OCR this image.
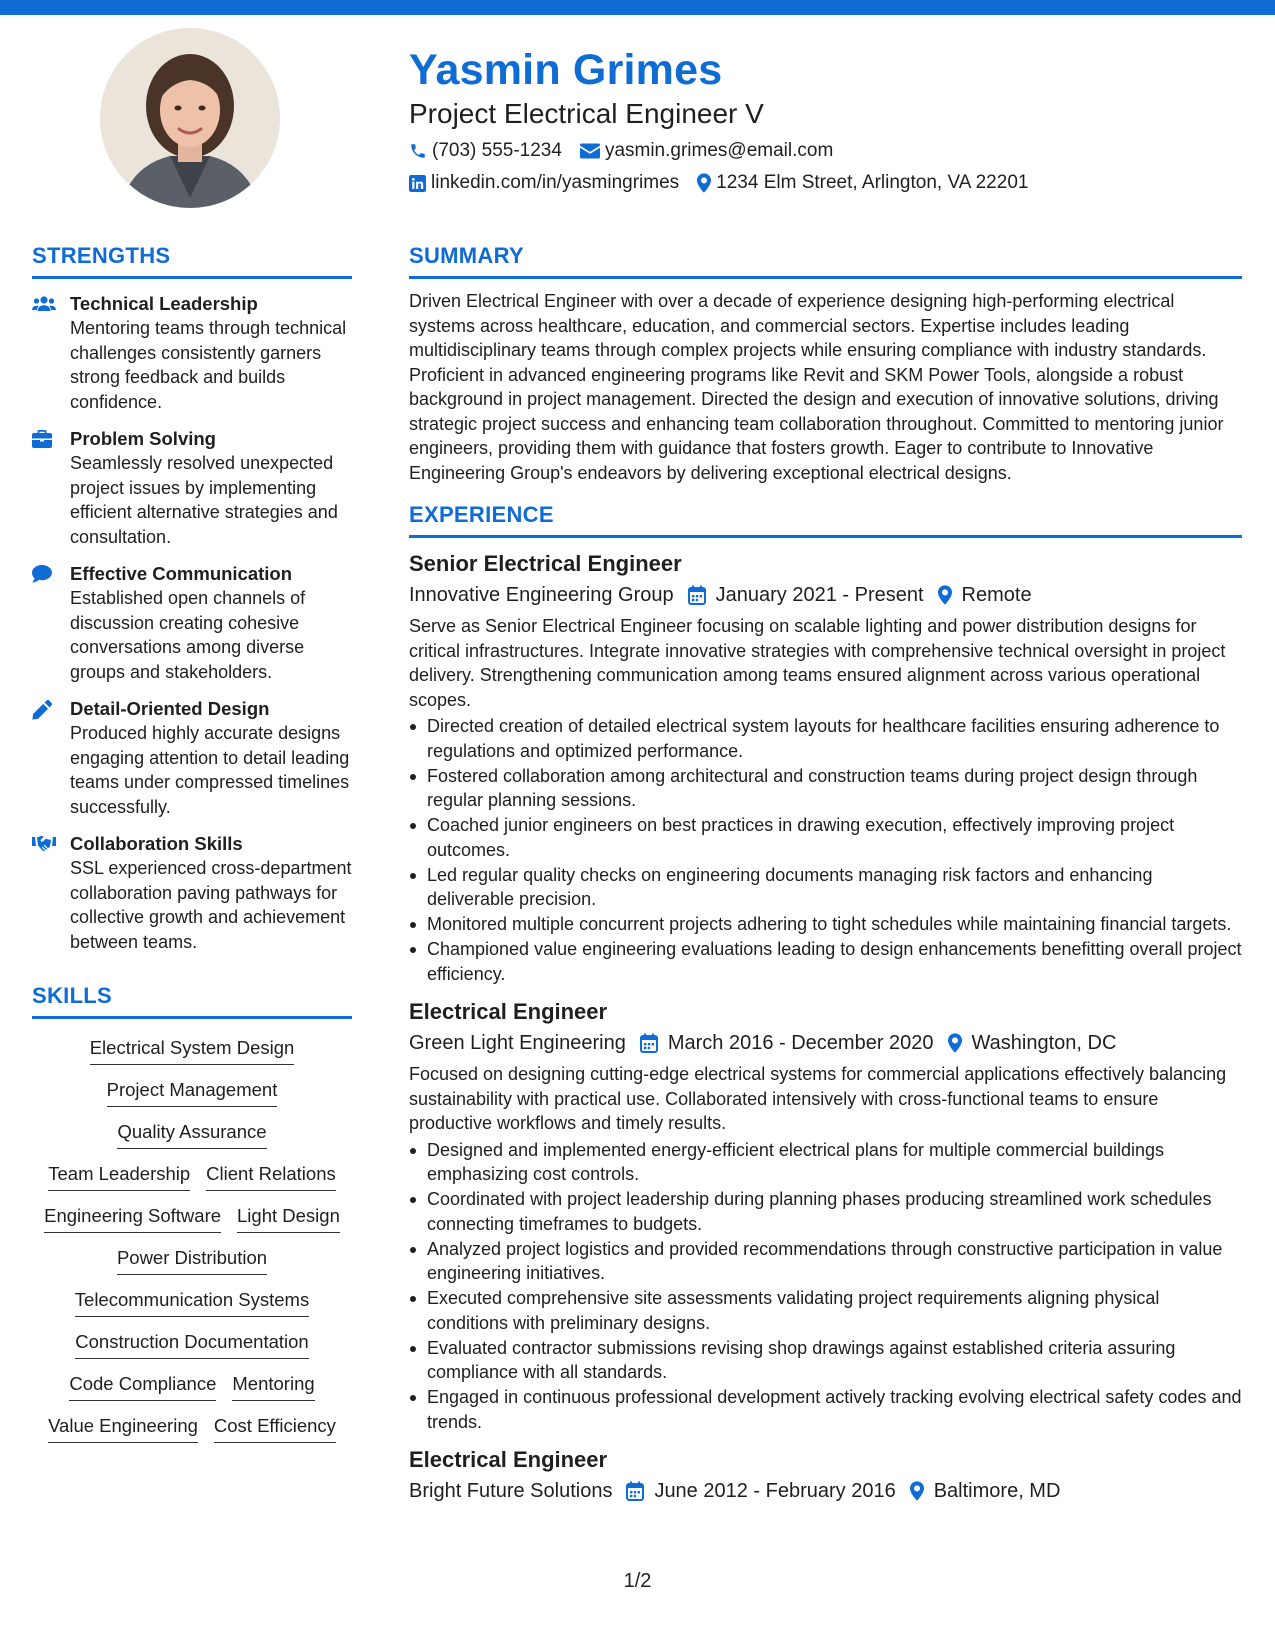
Yasmin Grimes
Project Electrical Engineer V
(703) 555-1234 yasmin.grimes@email.com
linkedin.com/in/yasmingrimes 1234 Elm Street, Arlington, VA 22201
STRENGTHS
Technical Leadership
Mentoring teams through technical challenges consistently garners strong feedback and builds confidence.
Problem Solving
Seamlessly resolved unexpected project issues by implementing efficient alternative strategies and consultation.
Effective Communication
Established open channels of discussion creating cohesive conversations among diverse groups and stakeholders.
Detail-Oriented Design
Produced highly accurate designs engaging attention to detail leading teams under compressed timelines successfully.
Collaboration Skills
SSL experienced cross-department collaboration paving pathways for collective growth and achievement between teams.
SKILLS
Electrical System Design
Project Management
Quality Assurance
Team Leadership Client Relations
Engineering Software Light Design
Power Distribution
Telecommunication Systems
Construction Documentation
Code Compliance Mentoring
Value Engineering Cost Efficiency
SUMMARY
Driven Electrical Engineer with over a decade of experience designing high-performing electrical systems across healthcare, education, and commercial sectors. Expertise includes leading multidisciplinary teams through complex projects while ensuring compliance with industry standards. Proficient in advanced engineering programs like Revit and SKM Power Tools, alongside a robust background in project management. Directed the design and execution of innovative solutions, driving strategic project success and enhancing team collaboration throughout. Committed to mentoring junior engineers, providing them with guidance that fosters growth. Eager to contribute to Innovative Engineering Group's endeavors by delivering exceptional electrical designs.
EXPERIENCE
Senior Electrical Engineer
Innovative Engineering Group January 2021 - Present Remote
Serve as Senior Electrical Engineer focusing on scalable lighting and power distribution designs for critical infrastructures. Integrate innovative strategies with comprehensive technical oversight in project delivery. Strengthening communication among teams ensured alignment across various operational scopes.
Directed creation of detailed electrical system layouts for healthcare facilities ensuring adherence to regulations and optimized performance.
Fostered collaboration among architectural and construction teams during project design through regular planning sessions.
Coached junior engineers on best practices in drawing execution, effectively improving project outcomes.
Led regular quality checks on engineering documents managing risk factors and enhancing deliverable precision.
Monitored multiple concurrent projects adhering to tight schedules while maintaining financial targets.
Championed value engineering evaluations leading to design enhancements benefitting overall project efficiency.
Electrical Engineer
Green Light Engineering March 2016 - December 2020 Washington, DC
Focused on designing cutting-edge electrical systems for commercial applications effectively balancing sustainability with practical use. Collaborated intensively with cross-functional teams to ensure productive workflows and timely results.
Designed and implemented energy-efficient electrical plans for multiple commercial buildings emphasizing cost controls.
Coordinated with project leadership during planning phases producing streamlined work schedules connecting timeframes to budgets.
Analyzed project logistics and provided recommendations through constructive participation in value engineering initiatives.
Executed comprehensive site assessments validating project requirements aligning physical conditions with preliminary designs.
Evaluated contractor submissions revising shop drawings against established criteria assuring compliance with all standards.
Engaged in continuous professional development actively tracking evolving electrical safety codes and trends.
Electrical Engineer
Bright Future Solutions June 2012 - February 2016 Baltimore, MD
1/2
